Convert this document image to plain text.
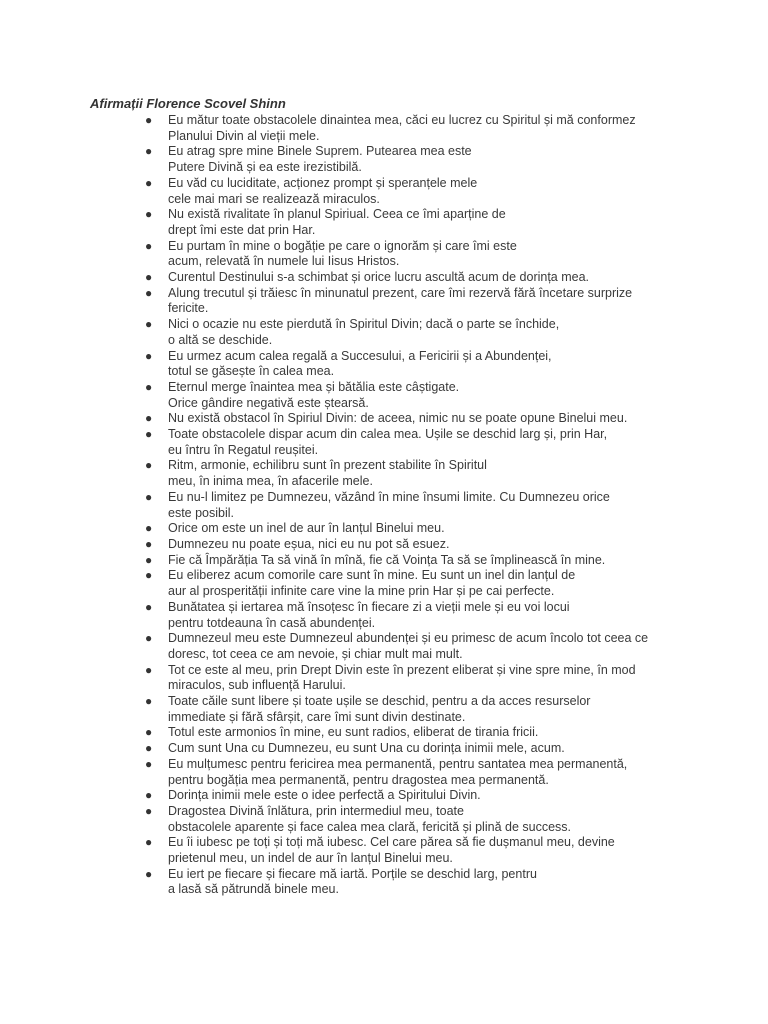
Afirmații Florence Scovel Shinn
● Eu mătur toate obstacolele dinaintea mea, căci eu lucrez cu Spiritul și mă conformez
Planului Divin al vieții mele.
● Eu atrag spre mine Binele Suprem. Putearea mea este
Putere Divină și ea este irezistibilă.
● Eu văd cu luciditate, acționez prompt și speranțele mele
cele mai mari se realizează miraculos.
● Nu există rivalitate în planul Spiriual. Ceea ce îmi aparține de
drept îmi este dat prin Har.
● Eu purtam în mine o bogăție pe care o ignorăm și care îmi este
acum, relevată în numele lui Iisus Hristos.
● Curentul Destinului s-a schimbat și orice lucru ascultă acum de dorința mea.
● Alung trecutul și trăiesc în minunatul prezent, care îmi rezervă fără încetare surprize
fericite.
● Nici o ocazie nu este pierdută în Spiritul Divin; dacă o parte se închide,
o altă se deschide.
● Eu urmez acum calea regală a Succesului, a Fericirii și a Abundenței,
totul se găsește în calea mea.
● Eternul merge înaintea mea și bătălia este câștigate.
Orice gândire negativă este ștearsă.
● Nu există obstacol în Spiriul Divin: de aceea, nimic nu se poate opune Binelui meu.
● Toate obstacolele dispar acum din calea mea. Ușile se deschid larg și, prin Har,
eu întru în Regatul reușitei.
● Ritm, armonie, echilibru sunt în prezent stabilite în Spiritul
meu, în inima mea, în afacerile mele.
● Eu nu-l limitez pe Dumnezeu, văzând în mine însumi limite. Cu Dumnezeu orice
este posibil.
● Orice om este un inel de aur în lanțul Binelui meu.
● Dumnezeu nu poate eșua, nici eu nu pot să esuez.
● Fie că Împărăția Ta să vină în mînă, fie că Voința Ta să se împlinească în mine.
● Eu eliberez acum comorile care sunt în mine. Eu sunt un inel din lanțul de
aur al prosperității infinite care vine la mine prin Har și pe cai perfecte.
● Bunătatea și iertarea mă însoțesc în fiecare zi a vieții mele și eu voi locui
pentru totdeauna în casă abundenței.
● Dumnezeul meu este Dumnezeul abundenței și eu primesc de acum încolo tot ceea ce
doresc, tot ceea ce am nevoie, și chiar mult mai mult.
● Tot ce este al meu, prin Drept Divin este în prezent eliberat și vine spre mine, în mod
miraculos, sub influență Harului.
● Toate căile sunt libere și toate ușile se deschid, pentru a da acces resurselor
immediate și fără sfârșit, care îmi sunt divin destinate.
● Totul este armonios în mine, eu sunt radios, eliberat de tirania fricii.
● Cum sunt Una cu Dumnezeu, eu sunt Una cu dorința inimii mele, acum.
● Eu mulțumesc pentru fericirea mea permanentă, pentru santatea mea permanentă,
pentru bogăția mea permanentă, pentru dragostea mea permanentă.
● Dorința inimii mele este o idee perfectă a Spiritului Divin.
● Dragostea Divină înlătura, prin intermediul meu, toate
obstacolele aparente și face calea mea clară, fericită și plină de success.
● Eu îi iubesc pe toți și toți mă iubesc. Cel care părea să fie dușmanul meu, devine
prietenul meu, un indel de aur în lanțul Binelui meu.
● Eu iert pe fiecare și fiecare mă iartă. Porțile se deschid larg, pentru
a lasă să pătrundă binele meu.
